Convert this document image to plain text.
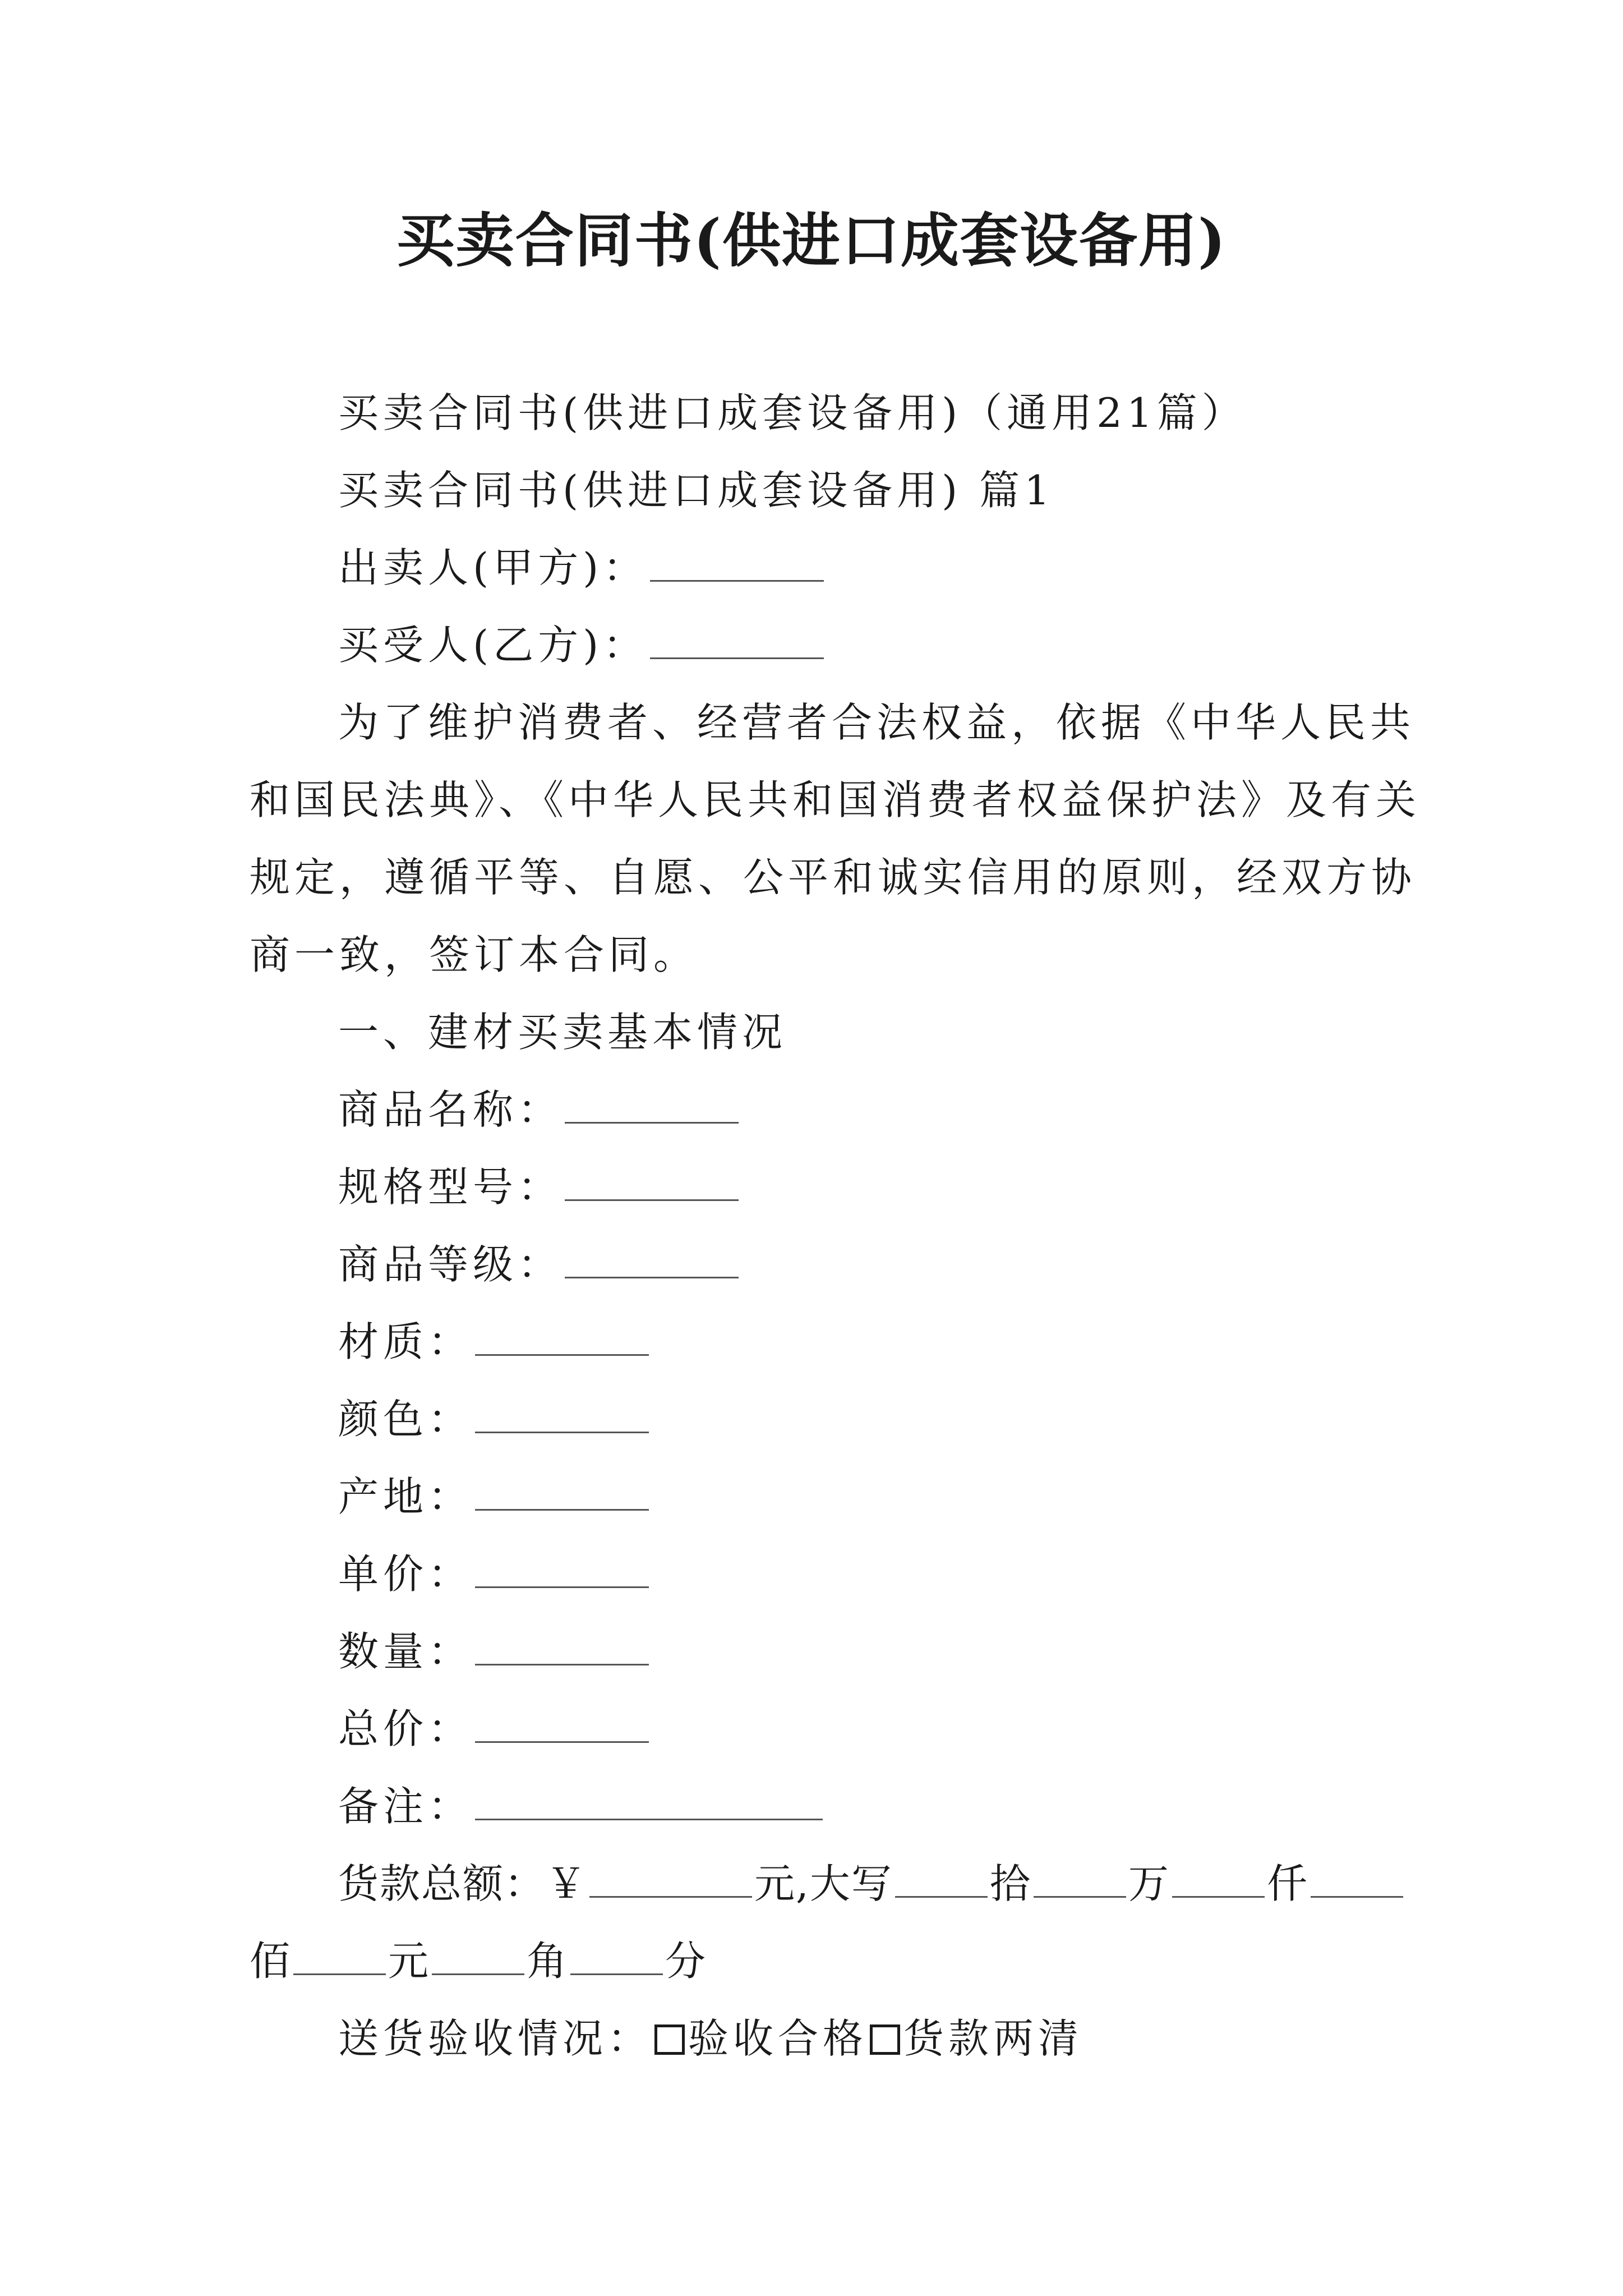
买卖合同书(供进口成套设备用)
买卖合同书(供进口成套设备用)（通用21篇）
买卖合同书(供进口成套设备用) 篇1
出卖人(甲方)：
买受人(乙方)：
为了维护消费者、经营者合法权益，依据《中华人民共
和国民法典》、《中华人民共和国消费者权益保护法》及有关
规定，遵循平等、自愿、公平和诚实信用的原则，经双方协
商一致，签订本合同。
一、建材买卖基本情况
商品名称：
规格型号：
商品等级：
材质：
颜色：
产地：
单价：
数量：
总价：
备注：
货款总额：￥	元,大写 拾 万 仟
佰 元 角 分
送货验收情况： 验收合格 货款两清
